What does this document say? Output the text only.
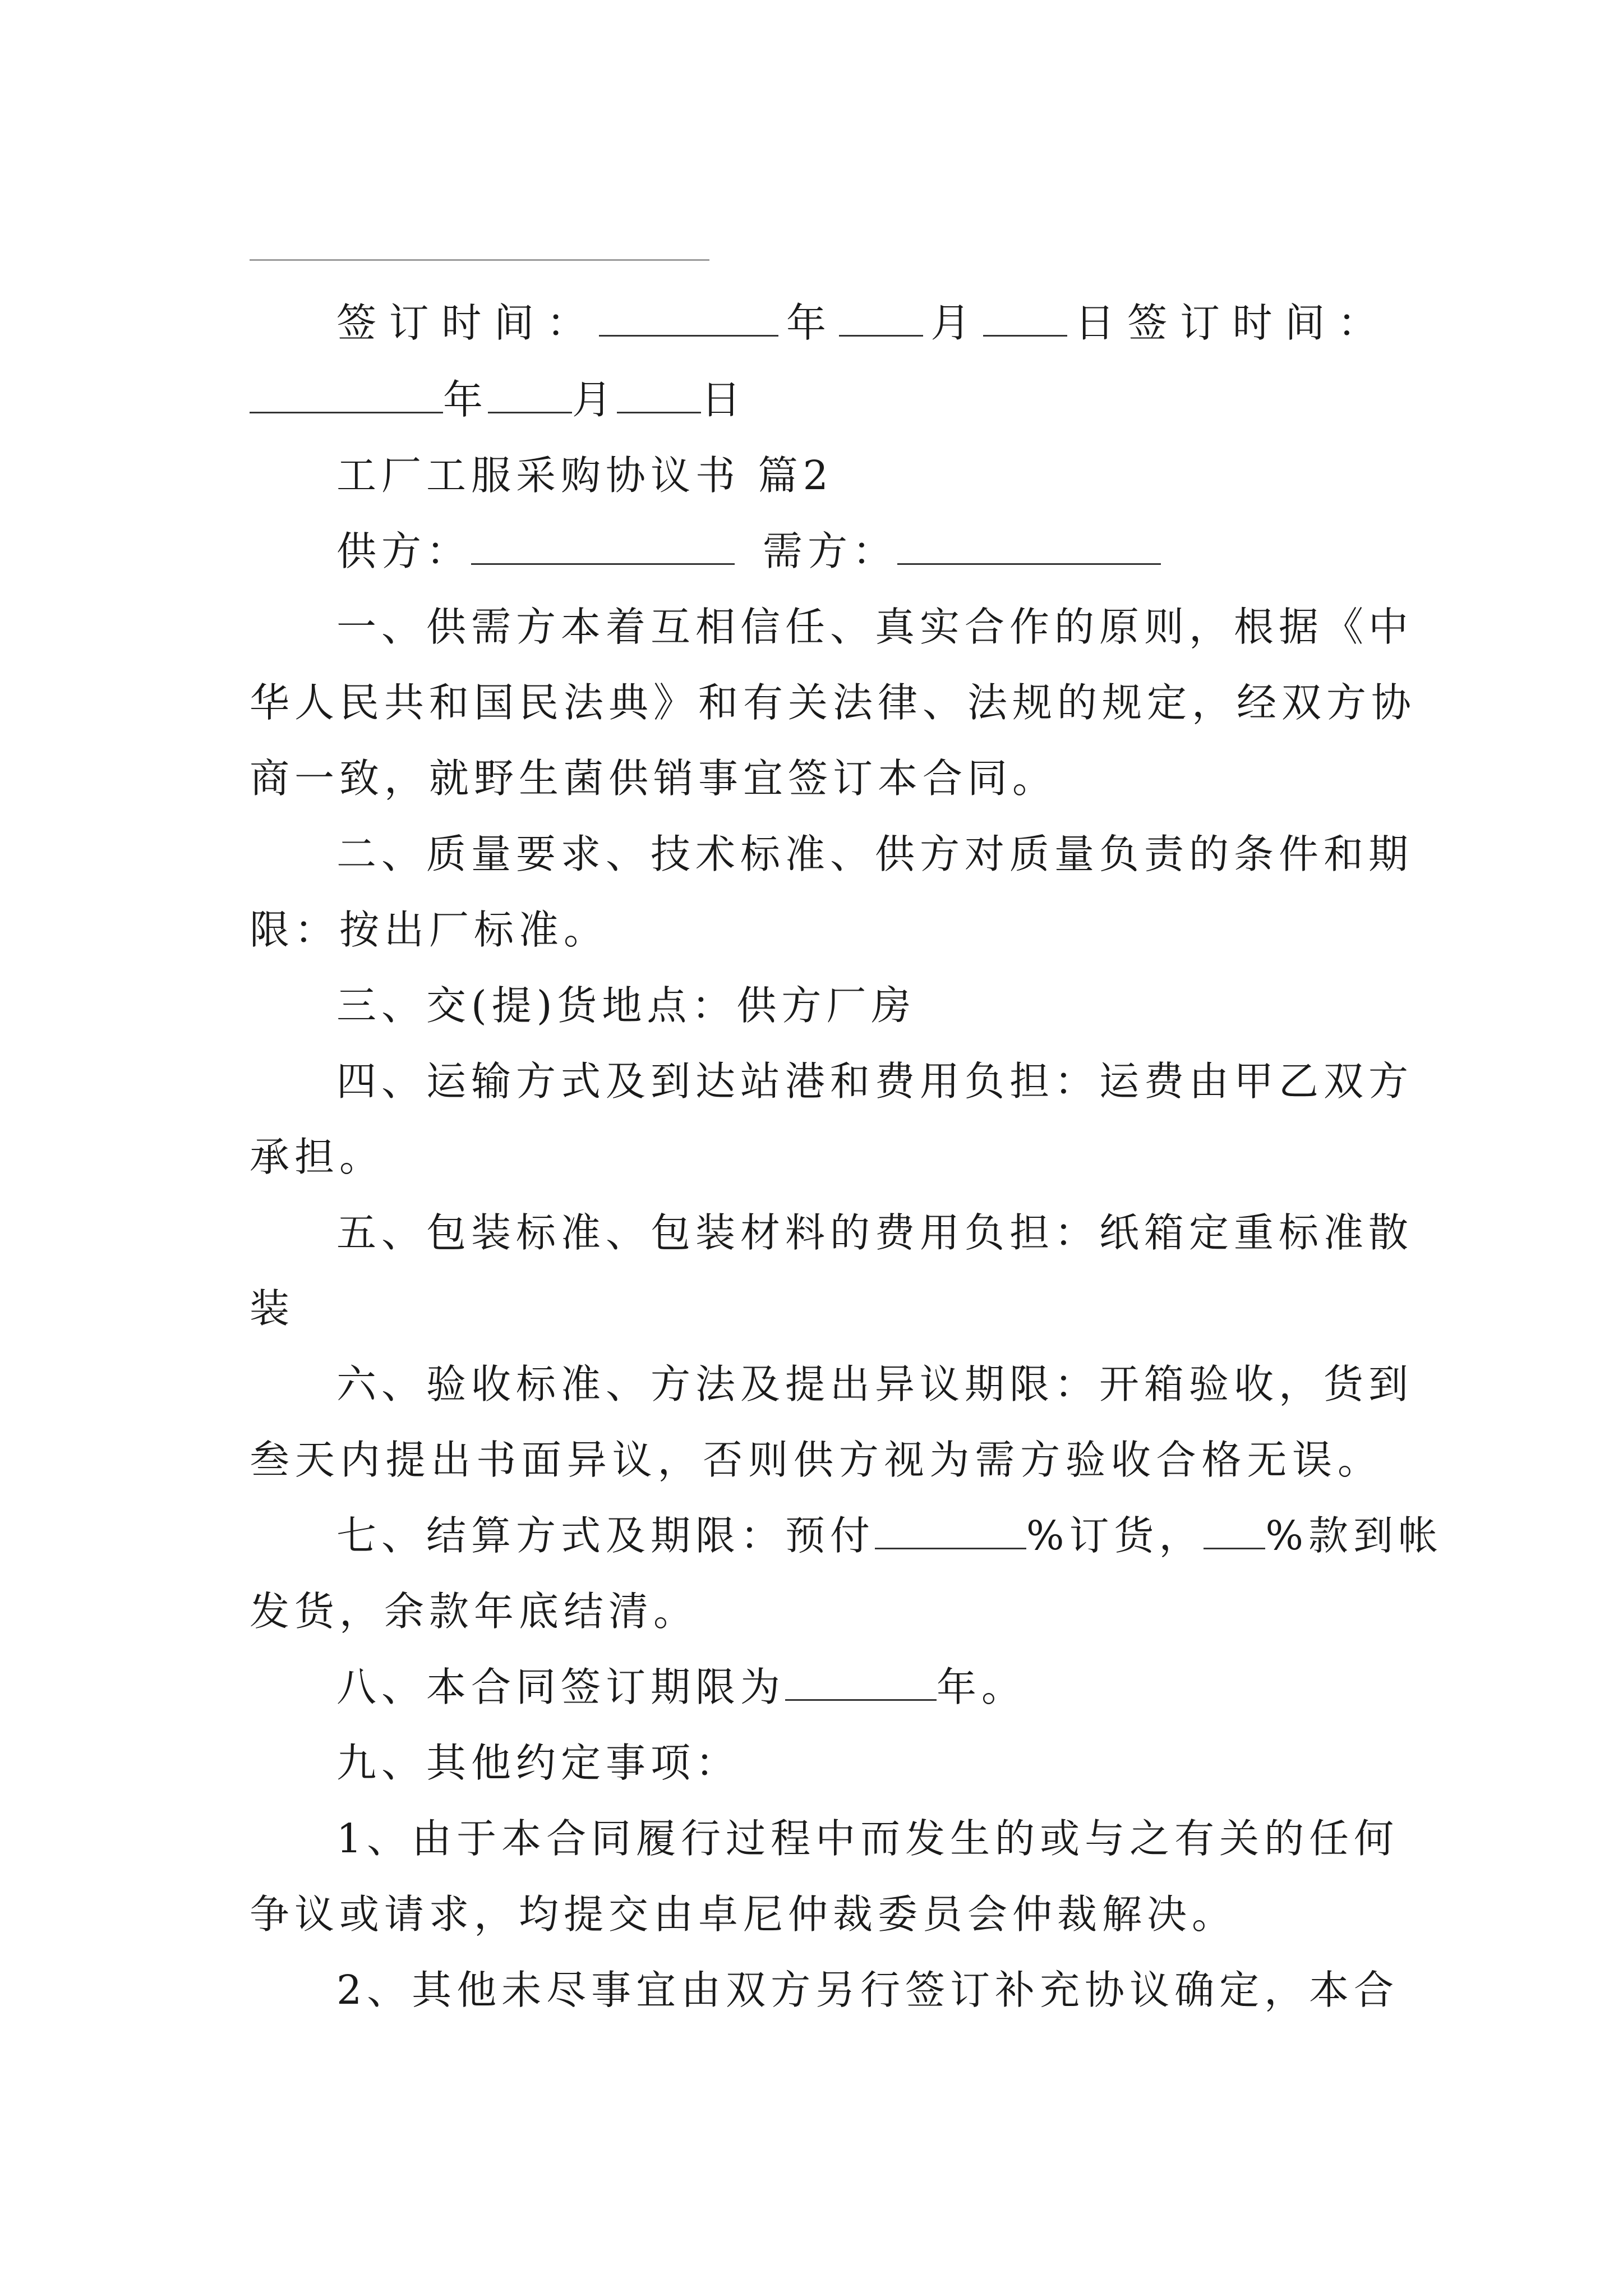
签订时间：	年 月 日签订时间：
年 月 日
工厂工服采购协议书 篇2
供方：	需方：
一、供需方本着互相信任、真实合作的原则，根据《中
华人民共和国民法典》和有关法律、法规的规定，经双方协
商一致，就野生菌供销事宜签订本合同。
二、质量要求、技术标准、供方对质量负责的条件和期
限：按出厂标准。
三、交(提)货地点：供方厂房
四、运输方式及到达站港和费用负担：运费由甲乙双方
承担。
五、包装标准、包装材料的费用负担：纸箱定重标准散
装
六、验收标准、方法及提出异议期限：开箱验收，货到
叁天内提出书面异议，否则供方视为需方验收合格无误。
七、结算方式及期限：预付	%订货， %款到帐
发货，余款年底结清。
八、本合同签订期限为	年。
九、其他约定事项：
1、由于本合同履行过程中而发生的或与之有关的任何
争议或请求，均提交由卓尼仲裁委员会仲裁解决。
2、其他未尽事宜由双方另行签订补充协议确定，本合
